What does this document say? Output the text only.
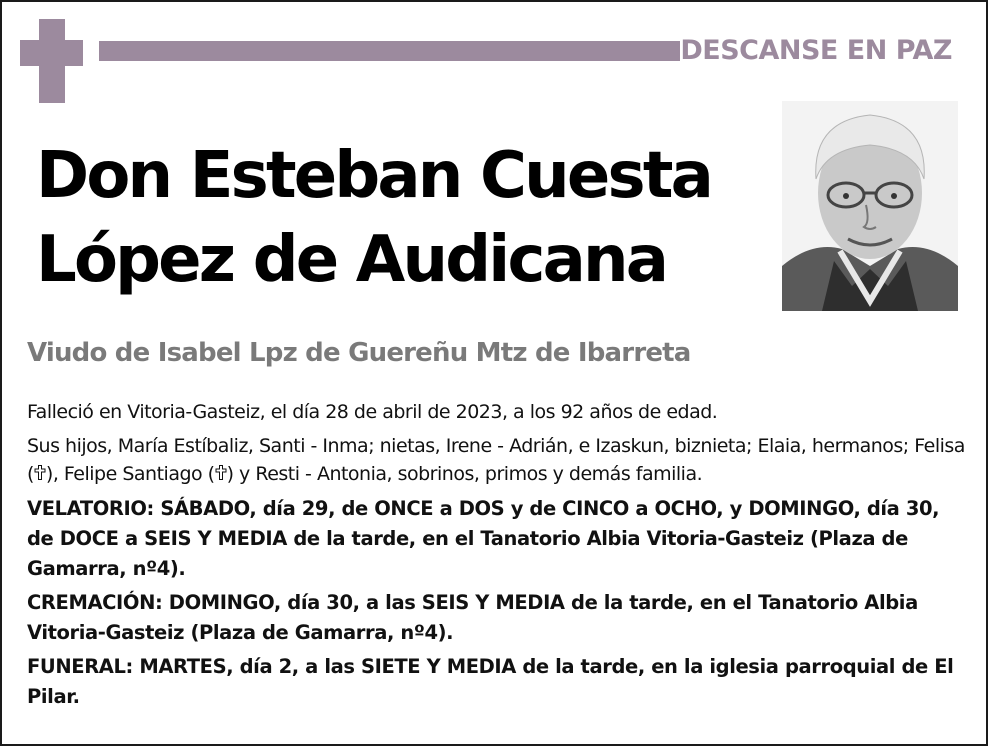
DESCANSE EN PAZ
Don Esteban Cuesta
López de Audicana
Viudo de Isabel Lpz de Guereñu Mtz de Ibarreta

Falleció en Vitoria-Gasteiz, el día 28 de abril de 2023, a los 92 años de edad.

Sus hijos, María Estíbaliz, Santi - Inma; nietas, Irene - Adrián, e Izaskun, biznieta; Elaia, hermanos; Felisa ( ), Felipe Santiago ( ) y Resti - Antonia, sobrinos, primos y demás familia.

VELATORIO: SÁBADO, día 29, de ONCE a DOS y de CINCO a OCHO, y DOMINGO, día 30, de DOCE a SEIS Y MEDIA de la tarde, en el Tanatorio Albia Vitoria-Gasteiz (Plaza de Gamarra, nº4).

CREMACIÓN: DOMINGO, día 30, a las SEIS Y MEDIA de la tarde, en el Tanatorio Albia Vitoria-Gasteiz (Plaza de Gamarra, nº4).

FUNERAL: MARTES, día 2, a las SIETE Y MEDIA de la tarde, en la iglesia parroquial de El Pilar.
